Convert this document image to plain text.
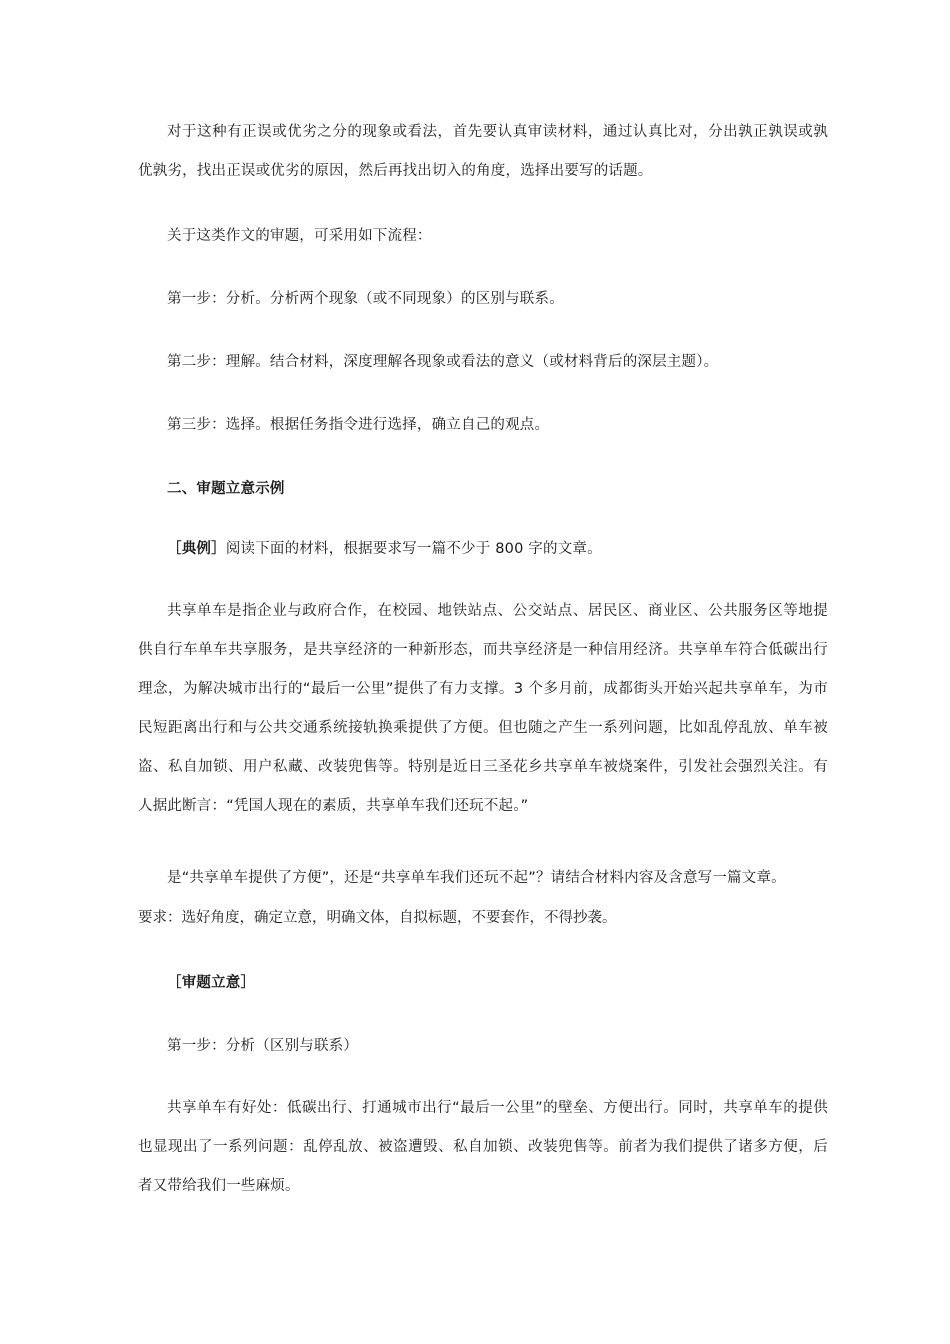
对于这种有正误或优劣之分的现象或看法，首先要认真审读材料，通过认真比对，分出孰正孰误或孰优孰劣，找出正误或优劣的原因，然后再找出切入的角度，选择出要写的话题。

关于这类作文的审题，可采用如下流程：

第一步：分析。分析两个现象（或不同现象）的区别与联系。

第二步：理解。结合材料，深度理解各现象或看法的意义（或材料背后的深层主题）。

第三步：选择。根据任务指令进行选择，确立自己的观点。

二、审题立意示例

［典例］阅读下面的材料，根据要求写一篇不少于 800 字的文章。

共享单车是指企业与政府合作，在校园、地铁站点、公交站点、居民区、商业区、公共服务区等地提供自行车单车共享服务，是共享经济的一种新形态，而共享经济是一种信用经济。共享单车符合低碳出行理念，为解决城市出行的“最后一公里”提供了有力支撑。3 个多月前，成都街头开始兴起共享单车，为市民短距离出行和与公共交通系统接轨换乘提供了方便。但也随之产生一系列问题，比如乱停乱放、单车被盗、私自加锁、用户私藏、改装兜售等。特别是近日三圣花乡共享单车被烧案件，引发社会强烈关注。有人据此断言：“凭国人现在的素质，共享单车我们还玩不起。”

是“共享单车提供了方便”，还是“共享单车我们还玩不起”？请结合材料内容及含意写一篇文章。

要求：选好角度，确定立意，明确文体，自拟标题，不要套作，不得抄袭。

［审题立意］

第一步：分析（区别与联系）

共享单车有好处：低碳出行、打通城市出行“最后一公里”的壁垒、方便出行。同时，共享单车的提供也显现出了一系列问题：乱停乱放、被盗遭毁、私自加锁、改装兜售等。前者为我们提供了诸多方便，后者又带给我们一些麻烦。
